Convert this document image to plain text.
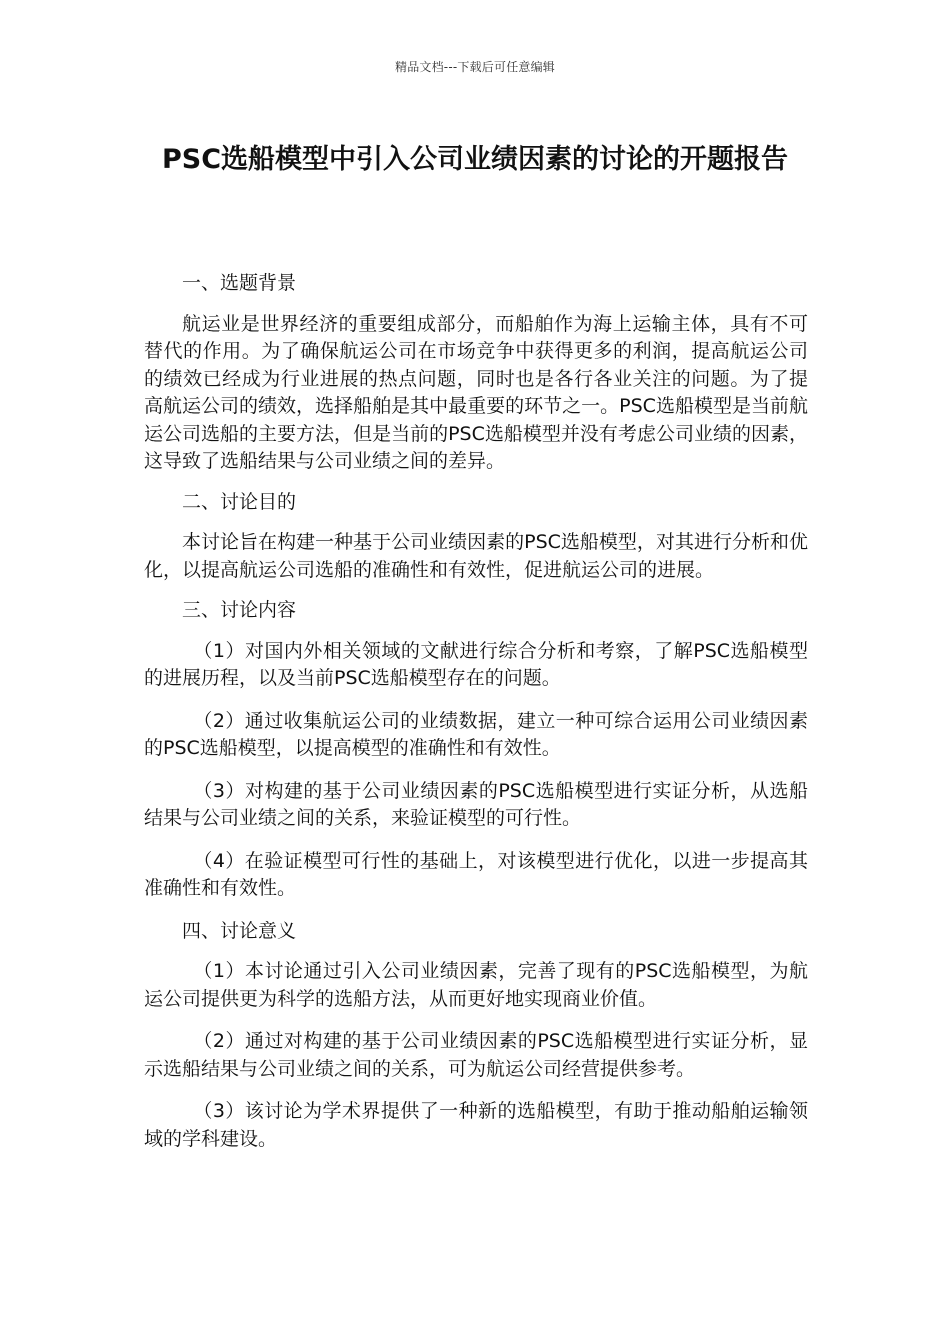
精品文档---下载后可任意编辑
PSC选船模型中引入公司业绩因素的讨论的开题报告

一、选题背景

航运业是世界经济的重要组成部分，而船舶作为海上运输主体，具有不可替代的作用。为了确保航运公司在市场竞争中获得更多的利润，提高航运公司的绩效已经成为行业进展的热点问题，同时也是各行各业关注的问题。为了提高航运公司的绩效，选择船舶是其中最重要的环节之一。PSC选船模型是当前航运公司选船的主要方法，但是当前的PSC选船模型并没有考虑公司业绩的因素，这导致了选船结果与公司业绩之间的差异。

二、讨论目的

本讨论旨在构建一种基于公司业绩因素的PSC选船模型，对其进行分析和优化，以提高航运公司选船的准确性和有效性，促进航运公司的进展。

三、讨论内容

（1）对国内外相关领域的文献进行综合分析和考察，了解PSC选船模型的进展历程，以及当前PSC选船模型存在的问题。

（2）通过收集航运公司的业绩数据，建立一种可综合运用公司业绩因素的PSC选船模型，以提高模型的准确性和有效性。

（3）对构建的基于公司业绩因素的PSC选船模型进行实证分析，从选船结果与公司业绩之间的关系，来验证模型的可行性。

（4）在验证模型可行性的基础上，对该模型进行优化，以进一步提高其准确性和有效性。

四、讨论意义

（1）本讨论通过引入公司业绩因素，完善了现有的PSC选船模型，为航运公司提供更为科学的选船方法，从而更好地实现商业价值。

（2）通过对构建的基于公司业绩因素的PSC选船模型进行实证分析，显示选船结果与公司业绩之间的关系，可为航运公司经营提供参考。

（3）该讨论为学术界提供了一种新的选船模型，有助于推动船舶运输领域的学科建设。
